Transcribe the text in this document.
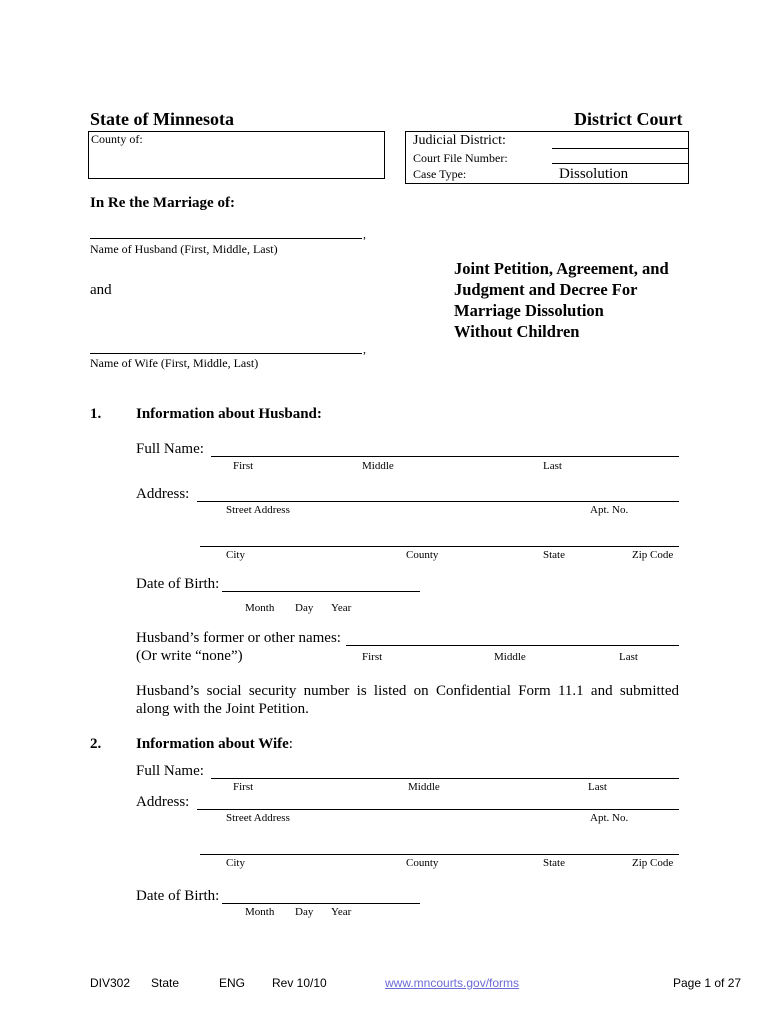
State of Minnesota	District Court
County of:	Judicial District:
Court File Number:
Case Type:	Dissolution
In Re the Marriage of:
,
Name of Husband (First, Middle, Last)
and
,
Name of Wife (First, Middle, Last)
Joint Petition, Agreement, and
Judgment and Decree For
Marriage Dissolution
Without Children
1. Information about Husband:
Full Name:
First	Middle	Last
Address:
Street Address	Apt. No.
City	County	State	Zip Code
Date of Birth:
Month Day Year
Husband’s former or other names:
(Or write “none”)	First	Middle	Last
Husband’s social security number is listed on Confidential Form 11.1 and submitted
along with the Joint Petition.
2. Information about Wife:
Full Name:
First	Middle	Last
Address:
Street Address	Apt. No.
City	County	State	Zip Code
Date of Birth:
Month Day Year
DIV302 State	ENG Rev 10/10	www.mncourts.gov/forms	Page 1 of 27
